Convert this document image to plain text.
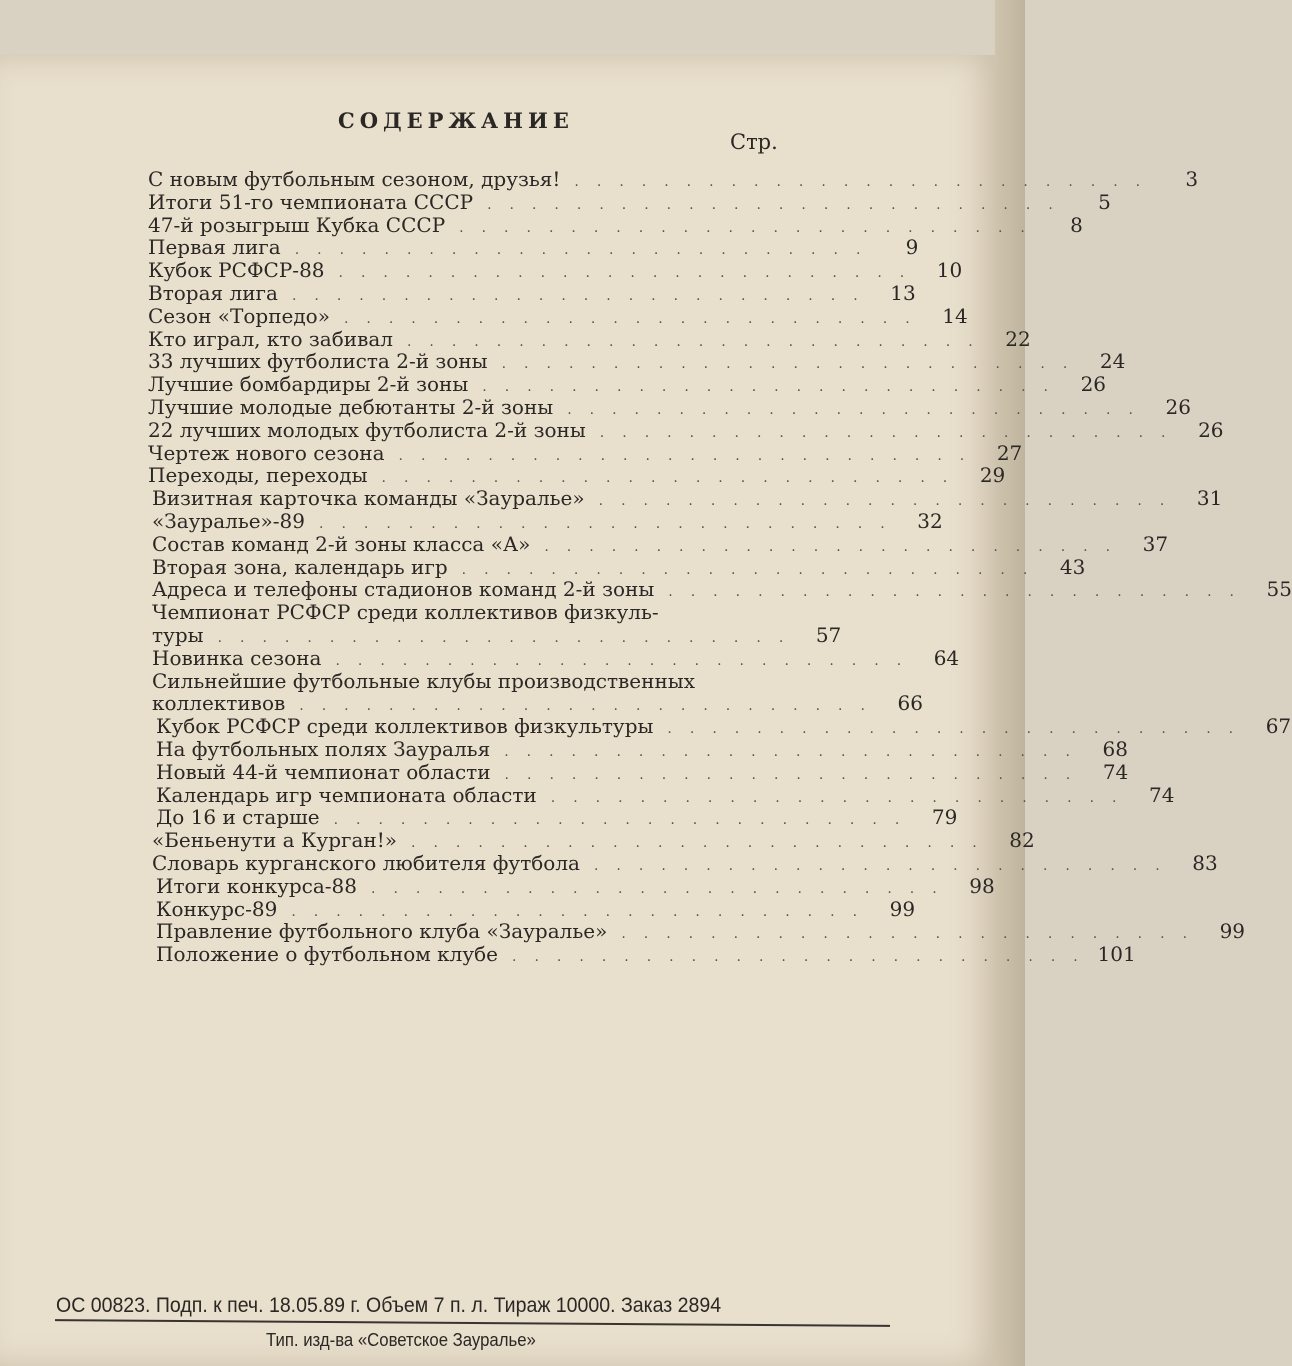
СОДЕРЖАНИЕ
Стр.
С новым футбольным сезоном, друзья!	..........................	3
Итоги 51-го чемпионата СССР	..........................	5
47-й розыгрыш Кубка СССР	..........................	8
Первая лига	..........................	9
Кубок РСФСР-88	.......................... 10
Вторая лига	.......................... 13
Сезон «Торпедо»	.......................... 14
Кто играл, кто забивал	.......................... 22
33 лучших футболиста 2-й зоны	.......................... 24
Лучшие бомбардиры 2-й зоны	.......................... 26
Лучшие молодые дебютанты 2-й зоны	.......................... 26
22 лучших молодых футболиста 2-й зоны	.......................... 26
Чертеж нового сезона	.......................... 27
Переходы, переходы	.......................... 29
Визитная карточка команды «Зауралье»	.......................... 31
«Зауралье»-89	.......................... 32
Состав команд 2-й зоны класса «А»	.......................... 37
Вторая зона, календарь игр	.......................... 43
Адреса и телефоны стадионов команд 2-й зоны	.......................... 55
Чемпионат РСФСР среди коллективов физкуль-
туры	.......................... 57
Новинка сезона	.......................... 64
Сильнейшие футбольные клубы производственных
коллективов	.......................... 66
Кубок РСФСР среди коллективов физкультуры	.......................... 67
На футбольных полях Зауралья	.......................... 68
Новый 44-й чемпионат области	.......................... 74
Календарь игр чемпионата области	.......................... 74
До 16 и старше	.......................... 79
«Беньенути а Курган!»	.......................... 82
Словарь курганского любителя футбола	.......................... 83
Итоги конкурса-88	.......................... 98
Конкурс-89	.......................... 99
Правление футбольного клуба «Зауралье»	.......................... 99
Положение о футбольном клубе	.......................... 101
ОС 00823. Подп. к печ. 18.05.89 г. Объем 7 п. л. Тираж 10000. Заказ 2894
Тип. изд-ва «Советское Зауралье»
